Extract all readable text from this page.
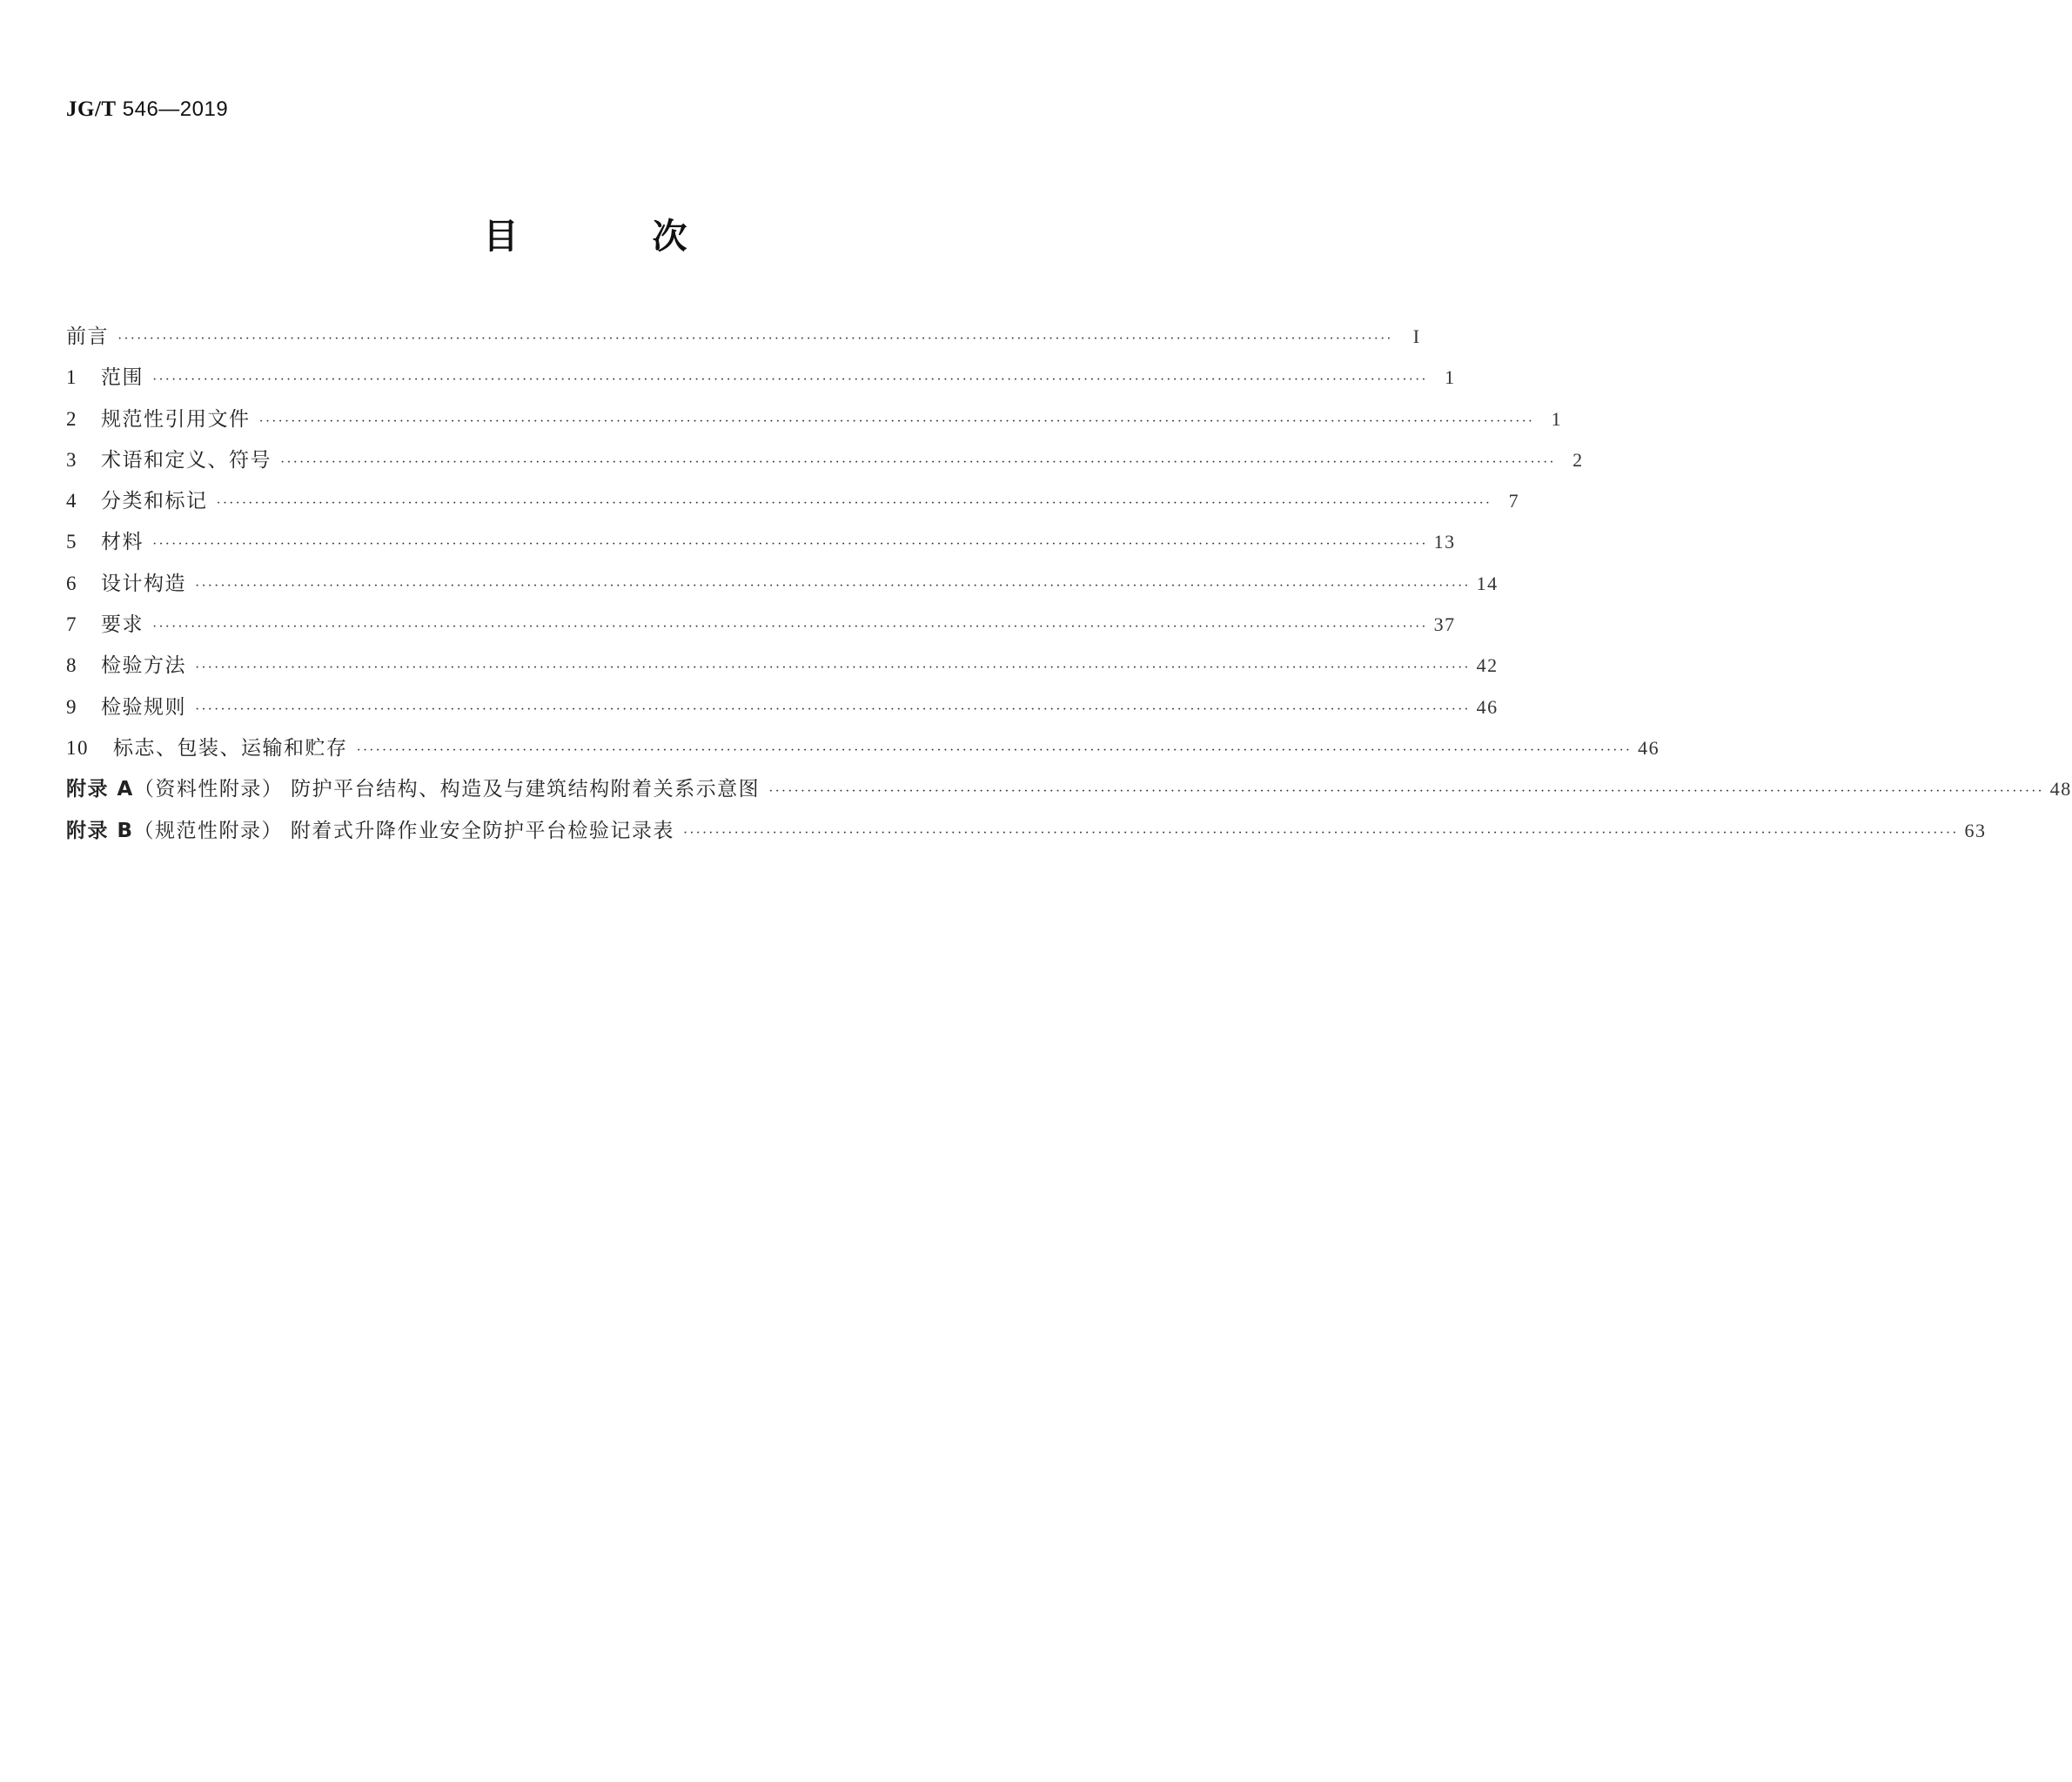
JG/T 546—2019
目 次
前言 ········································································································································································································	I
1 范围 ········································································································································································································ 1
2 规范性引用文件 ········································································································································································································ 1
3 术语和定义、符号 ········································································································································································································ 2
4 分类和标记 ········································································································································································································ 7
5 材料 ········································································································································································································ 13
6 设计构造 ········································································································································································································ 14
7 要求 ········································································································································································································ 37
8 检验方法 ········································································································································································································ 42
9 检验规则 ········································································································································································································ 46
10 标志、包装、运输和贮存 ········································································································································································································ 46
附录 A（资料性附录） 防护平台结构、构造及与建筑结构附着关系示意图 ········································································································································································································ 48
附录 B（规范性附录） 附着式升降作业安全防护平台检验记录表 ········································································································································································································ 63
